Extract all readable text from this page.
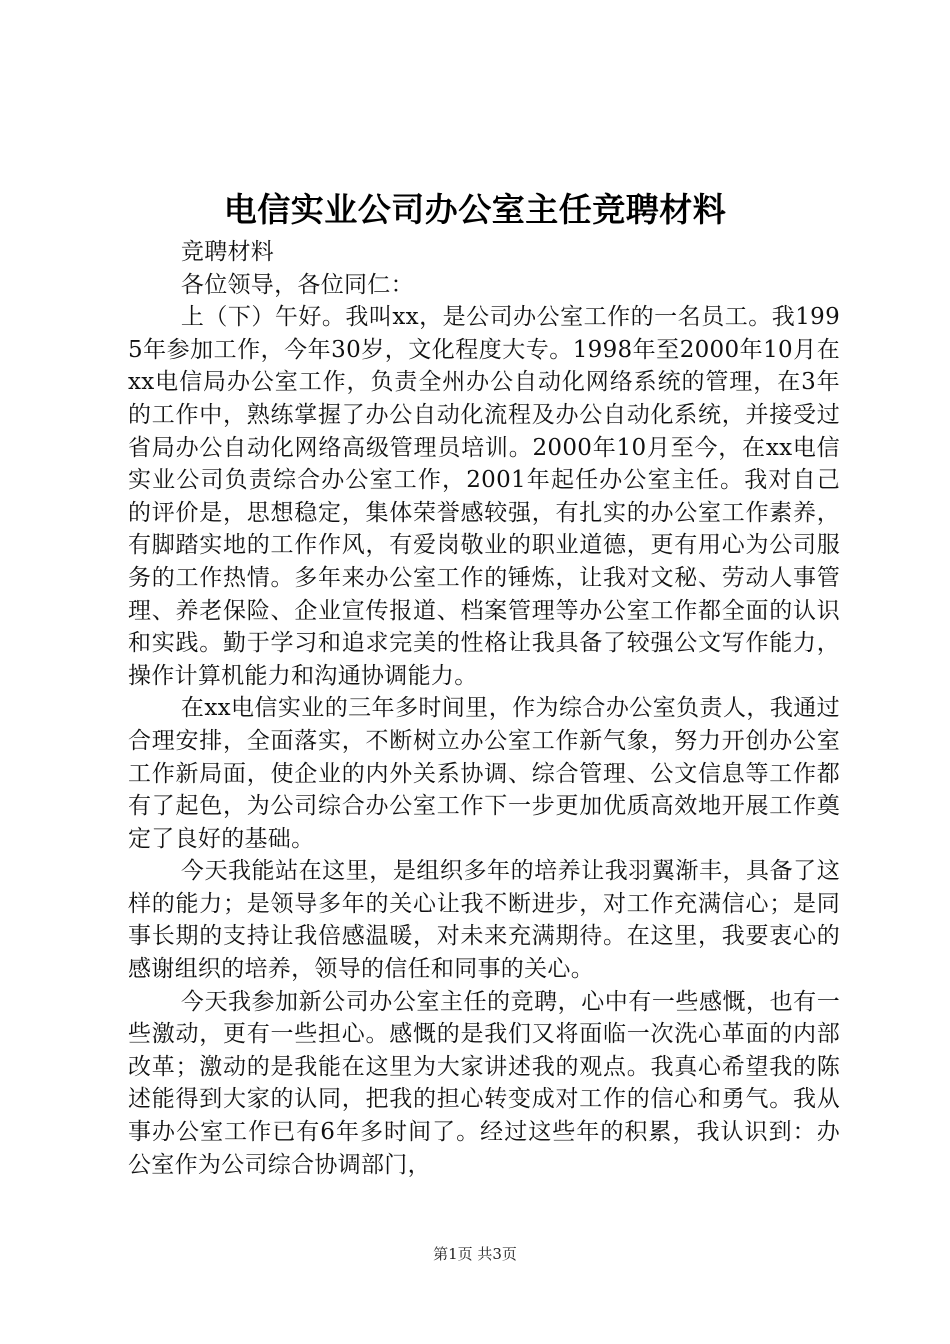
电信实业公司办公室主任竞聘材料

竞聘材料

各位领导，各位同仁：

上（下）午好。我叫xx，是公司办公室工作的一名员工。我1995年参加工作，今年30岁，文化程度大专。1998年至2000年10月在xx电信局办公室工作，负责全州办公自动化网络系统的管理，在3年的工作中，熟练掌握了办公自动化流程及办公自动化系统，并接受过省局办公自动化网络高级管理员培训。2000年10月至今，在xx电信实业公司负责综合办公室工作，2001年起任办公室主任。我对自己的评价是，思想稳定，集体荣誉感较强，有扎实的办公室工作素养，有脚踏实地的工作作风，有爱岗敬业的职业道德，更有用心为公司服务的工作热情。多年来办公室工作的锤炼，让我对文秘、劳动人事管理、养老保险、企业宣传报道、档案管理等办公室工作都全面的认识和实践。勤于学习和追求完美的性格让我具备了较强公文写作能力，操作计算机能力和沟通协调能力。

在xx电信实业的三年多时间里，作为综合办公室负责人，我通过合理安排，全面落实，不断树立办公室工作新气象，努力开创办公室工作新局面，使企业的内外关系协调、综合管理、公文信息等工作都有了起色，为公司综合办公室工作下一步更加优质高效地开展工作奠定了良好的基础。

今天我能站在这里，是组织多年的培养让我羽翼渐丰，具备了这样的能力；是领导多年的关心让我不断进步，对工作充满信心；是同事长期的支持让我倍感温暖，对未来充满期待。在这里，我要衷心的感谢组织的培养，领导的信任和同事的关心。

今天我参加新公司办公室主任的竞聘，心中有一些感慨，也有一些激动，更有一些担心。感慨的是我们又将面临一次洗心革面的内部改革；激动的是我能在这里为大家讲述我的观点。我真心希望我的陈述能得到大家的认同，把我的担心转变成对工作的信心和勇气。我从事办公室工作已有6年多时间了。经过这些年的积累，我认识到：办公室作为公司综合协调部门，

第1页 共3页
